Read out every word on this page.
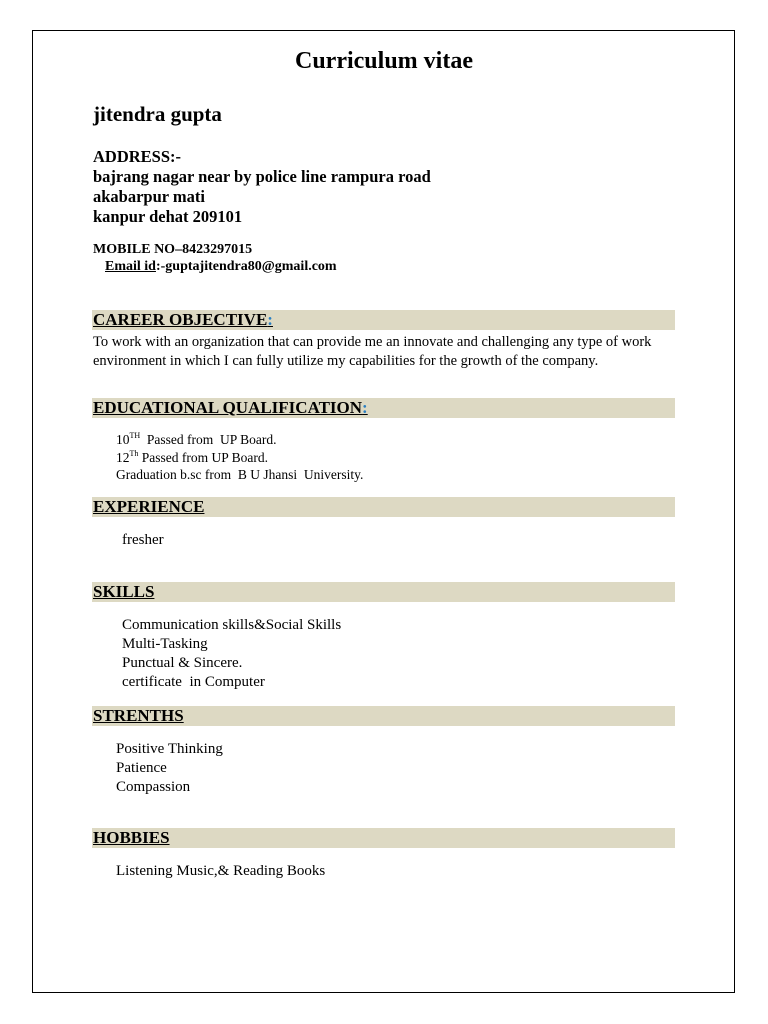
Curriculum vitae
jitendra gupta
ADDRESS:-
bajrang nagar near by police line rampura road
akabarpur mati
kanpur dehat 209101
MOBILE NO–8423297015
Email id:-guptajitendra80@gmail.com
CAREER OBJECTIVE:
To work with an organization that can provide me an innovate and challenging any type of work environment in which I can fully utilize my capabilities for the growth of the company.
EDUCATIONAL QUALIFICATION:
10TH  Passed from  UP Board.
12Th Passed from UP Board.
Graduation b.sc from  B U Jhansi  University.
EXPERIENCE
fresher
SKILLS
Communication skills&Social Skills
Multi-Tasking
Punctual & Sincere.
certificate  in Computer
STRENTHS
Positive Thinking
Patience
Compassion
HOBBIES
Listening Music,& Reading Books
